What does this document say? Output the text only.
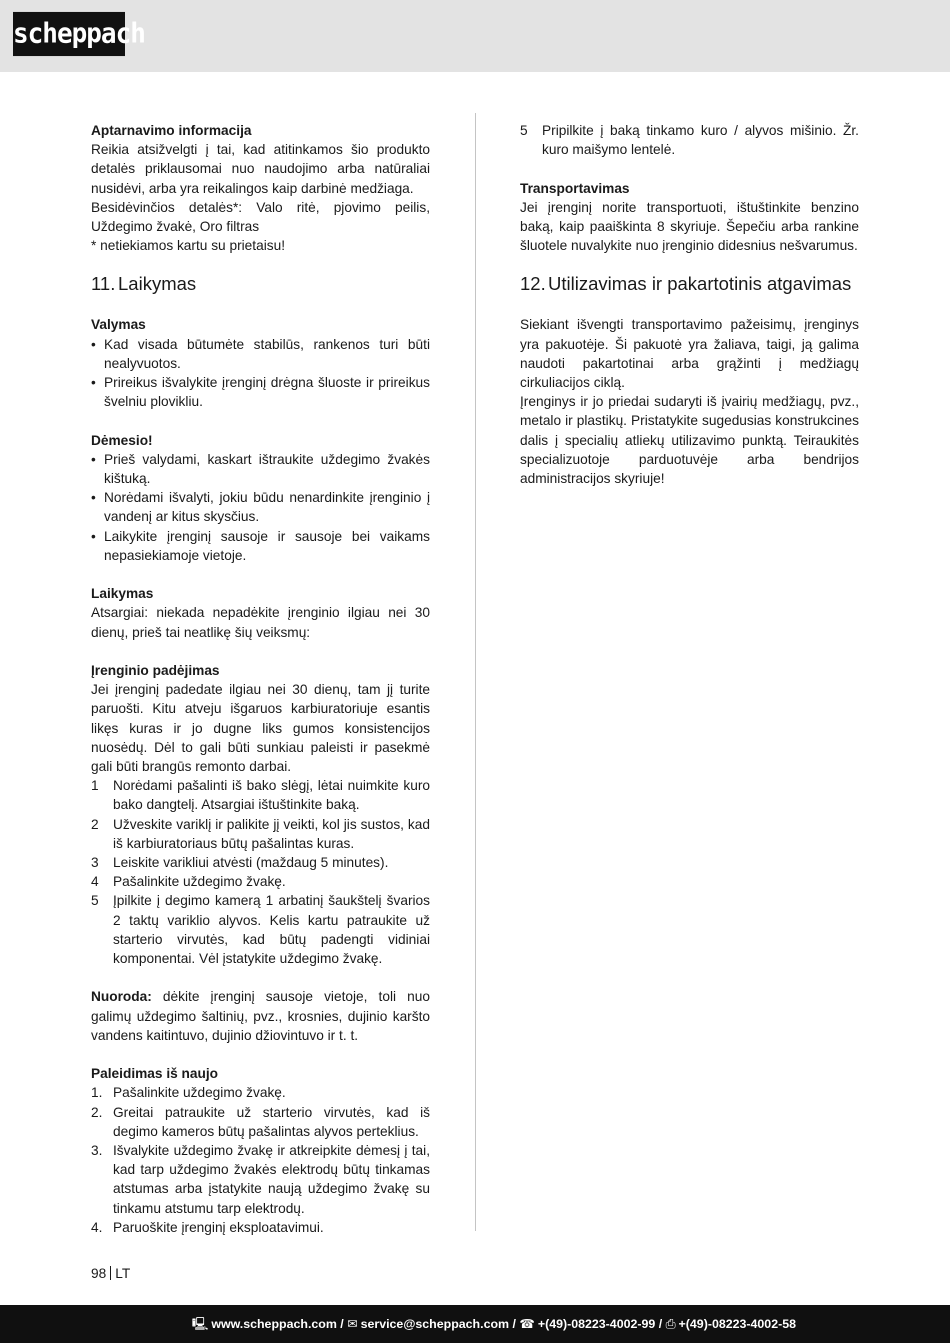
scheppach
Aptarnavimo informacija

Reikia atsižvelgti į tai, kad atitinkamos šio produkto detalės priklausomai nuo naudojimo arba natūraliai nusidėvi, arba yra reikalingos kaip darbinė medžiaga.

Besidėvinčios detalės*: Valo ritė, pjovimo peilis, Uždegimo žvakė, Oro filtras

* netiekiamos kartu su prietaisu!

11. Laikymas
Valymas
• Kad visada būtumėte stabilūs, rankenos turi būti nealyvuotos.
• Prireikus išvalykite įrenginį drėgna šluoste ir prireikus švelniu plovikliu.
Dėmesio!
• Prieš valydami, kaskart ištraukite uždegimo žvakės kištuką.
• Norėdami išvalyti, jokiu būdu nenardinkite įrenginio į vandenį ar kitus skysčius.
• Laikykite įrenginį sausoje ir sausoje bei vaikams nepasiekiamoje vietoje.
Laikymas

Atsargiai: niekada nepadėkite įrenginio ilgiau nei 30 dienų, prieš tai neatlikę šių veiksmų:

Įrenginio padėjimas

Jei įrenginį padedate ilgiau nei 30 dienų, tam jį turite paruošti. Kitu atveju išgaruos karbiuratoriuje esantis likęs kuras ir jo dugne liks gumos konsistencijos nuosėdų. Dėl to gali būti sunkiau paleisti ir pasekmė gali būti brangūs remonto darbai.

1	Norėdami pašalinti iš bako slėgį, lėtai nuimkite kuro bako dangtelį. Atsargiai ištuštinkite baką.
2	Užveskite variklį ir palikite jį veikti, kol jis sustos, kad iš karbiuratoriaus būtų pašalintas kuras.
3	Leiskite varikliui atvėsti (maždaug 5 minutes).
4	Pašalinkite uždegimo žvakę.
5	Įpilkite į degimo kamerą 1 arbatinį šaukštelį švarios 2 taktų variklio alyvos. Kelis kartu patraukite už starterio virvutės, kad būtų padengti vidiniai komponentai. Vėl įstatykite uždegimo žvakę.

Nuoroda: dėkite įrenginį sausoje vietoje, toli nuo galimų uždegimo šaltinių, pvz., krosnies, dujinio karšto vandens kaitintuvo, dujinio džiovintuvo ir t. t.

Paleidimas iš naujo
1. Pašalinkite uždegimo žvakę.
2. Greitai patraukite už starterio virvutės, kad iš degimo kameros būtų pašalintas alyvos perteklius.
3. Išvalykite uždegimo žvakę ir atkreipkite dėmesį į tai, kad tarp uždegimo žvakės elektrodų būtų tinkamas atstumas arba įstatykite naują uždegimo žvakę su tinkamu atstumu tarp elektrodų.
4. Paruoškite įrenginį eksploatavimui.
5	Pripilkite į baką tinkamo kuro / alyvos mišinio. Žr. kuro maišymo lentelė.
Transportavimas

Jei įrenginį norite transportuoti, ištuštinkite benzino baką, kaip paaiškinta 8 skyriuje. Šepečiu arba rankine šluotele nuvalykite nuo įrenginio didesnius nešvarumus.

12. Utilizavimas ir pakartotinis atgavimas

Siekiant išvengti transportavimo pažeisimų, įrenginys yra pakuotėje. Ši pakuotė yra žaliava, taigi, ją galima naudoti pakartotinai arba grąžinti į medžiagų cirkuliacijos ciklą.

Įrenginys ir jo priedai sudaryti iš įvairių medžiagų, pvz., metalo ir plastikų. Pristatykite sugedusias konstrukcines dalis į specialių atliekų utilizavimo punktą. Teiraukitės specializuotoje parduotuvėje arba bendrijos administracijos skyriuje!

98 LT
🖳 www.scheppach.com / ✉ service@scheppach.com / ☎ +(49)-08223-4002-99 / ⎙ +(49)-08223-4002-58
